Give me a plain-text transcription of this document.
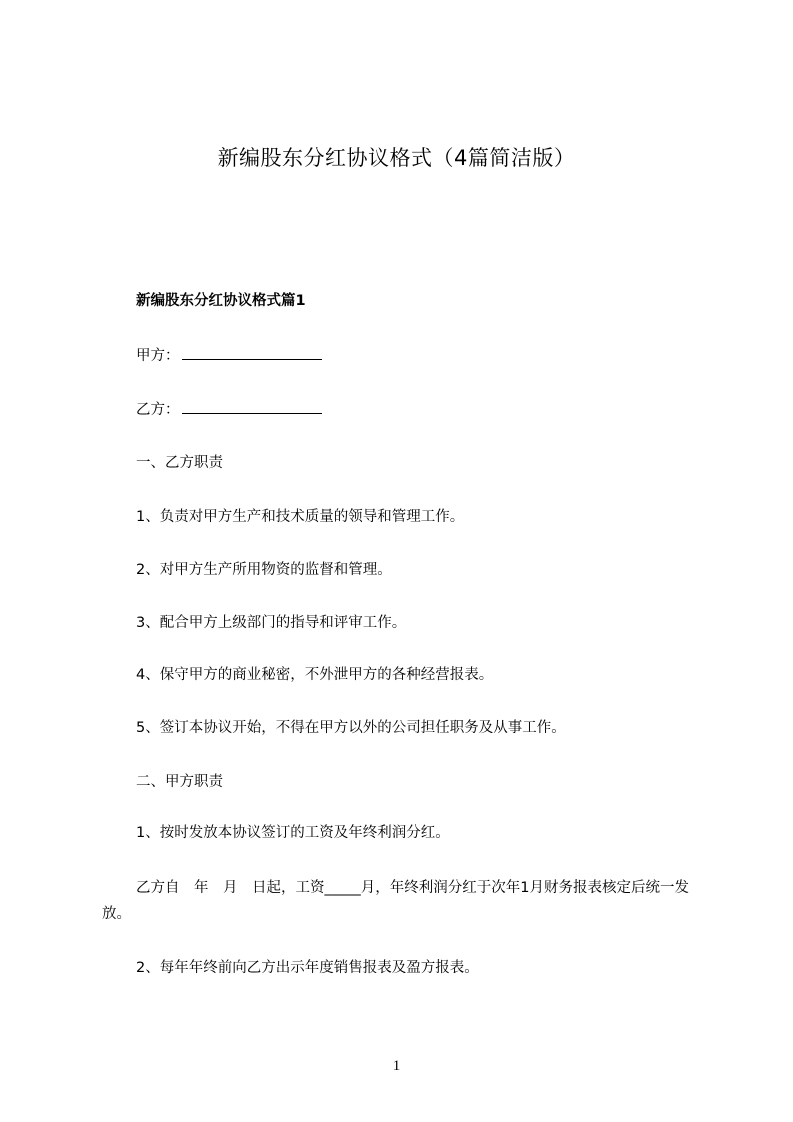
新编股东分红协议格式（4篇简洁版）
新编股东分红协议格式篇1
甲方：
乙方：
一、乙方职责
1、负责对甲方生产和技术质量的领导和管理工作。
2、对甲方生产所用物资的监督和管理。
3、配合甲方上级部门的指导和评审工作。
4、保守甲方的商业秘密，不外泄甲方的各种经营报表。
5、签订本协议开始，不得在甲方以外的公司担任职务及从事工作。
二、甲方职责
1、按时发放本协议签订的工资及年终利润分红。
乙方自　年　月　日起，工资_____月，年终利润分红于次年1月财务报表核定后统一发放。
2、每年年终前向乙方出示年度销售报表及盈方报表。
1
